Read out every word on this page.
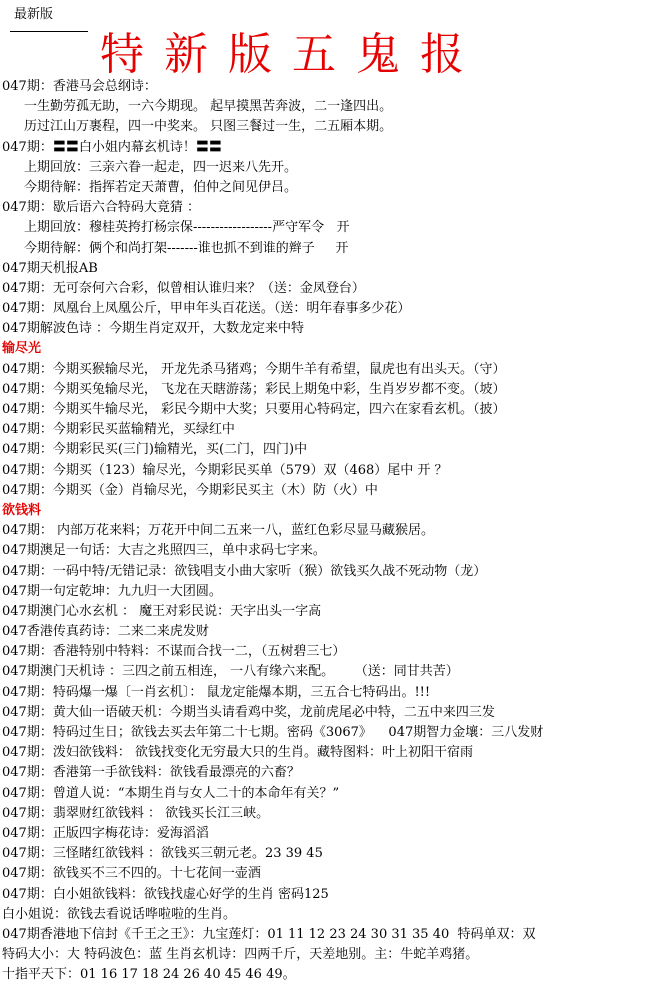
最新版
特新版五鬼报
047期：香港马会总纲诗：
一生勤劳孤无助，一六今期现。 起早摸黑苦奔波，二一逢四出。
历过江山万裹程，四一中奖来。 只图三餐过一生，二五厢本期。
047期：〓〓白小姐内幕玄机诗！〓〓
上期回放：三亲六眷一起走，四一迟来八先开。
今期待解：指挥若定天萧曹，伯仲之间见伊吕。
047期：歇后语六合特码大竟猜 ：
上期回放：穆桂英挎打杨宗保------------------严守军令   开
今期待解：俩个和尚打架-------谁也抓不到谁的辫子     开
047期天机报AB
047期：无可奈何六合彩，似曾相认谁归来？（送：金凤登台）
047期：凤凰台上凤凰公斤，甲申年头百花送。（送：明年春事多少花）
047期解波色诗 ：今期生肖定双开，大数龙定来中特
输尽光
047期：今期买猴输尽光， 开龙先杀马猪鸡；今期牛羊有希望，鼠虎也有出头天。（守）
047期：今期买兔输尽光， 飞龙在天瞎游荡；彩民上期兔中彩，生肖岁岁都不变。（坡）
047期：今期买牛输尽光， 彩民今期中大奖；只要用心特码定，四六在家看玄机。（披）
047期：今期彩民买蓝输精光，买绿红中
047期：今期彩民买(三门)输精光，买(二门，四门)中
047期：今期买（123）输尽光，今期彩民买单（579）双（468）尾中 开 ？
047期：今期买（金）肖输尽光，今期彩民买主（木）防（火）中
欲钱料
047期： 内部万花来料；万花开中间二五来一八，蓝红色彩尽显马藏猴居。
047期澳足一句话：大吉之兆照四三，单中求码七字来。
047期：一码中特/无错记录：欲钱唱支小曲大家听（猴）欲钱买久战不死动物（龙）
047期一句定乾坤：九九归一大团圆。
047期澳门心水玄机 ： 魔王对彩民说：天字出头一字高
047香港传真药诗：二来二来虎发财
047期：香港特别中特料：不谋而合找一二，（五树碧三七）
047期澳门天机诗 ：三四之前五相连， 一八有缘六来配。     （送：同甘共苦）
047期：特码爆一爆〔一肖玄机〕： 鼠龙定能爆本期，三五合七特码出。!!!
047期：黄大仙一语破天机：今期当头请看鸡中奖，龙前虎尾必中特，二五中来四三发
047期：特码过生日；欲钱去买去年第二十七期。密码《3067》    047期智力金壤：三八发财
047期：泼妇欲钱料： 欲钱找变化无穷最大只的生肖。藏特图料：叶上初阳干宿雨
047期：香港第一手欲钱料：欲钱看最漂亮的六畜？
047期：曾道人说：“本期生肖与女人二十的本命年有关？”
047期：翡翠财红欲钱料 ： 欲钱买长江三峡。
047期：正版四字梅花诗：爱海滔滔
047期：三怪睹红欲钱料 ：欲钱买三朝元老。23 39 45
047期：欲钱买不三不四的。十七花间一壶酒
047期：白小姐欲钱料：欲钱找虚心好学的生肖 密码125
白小姐说：欲钱去看说话哗啦啦的生肖。
047期香港地下信封《千王之王》：九宝莲灯：01 11 12 23 24 30 31 35 40  特码单双：双
特码大小：大 特码波色：蓝 生肖玄机诗：四两千斤，天差地别。主：牛蛇羊鸡猪。
十指平天下：01 16 17 18 24 26 40 45 46 49。
